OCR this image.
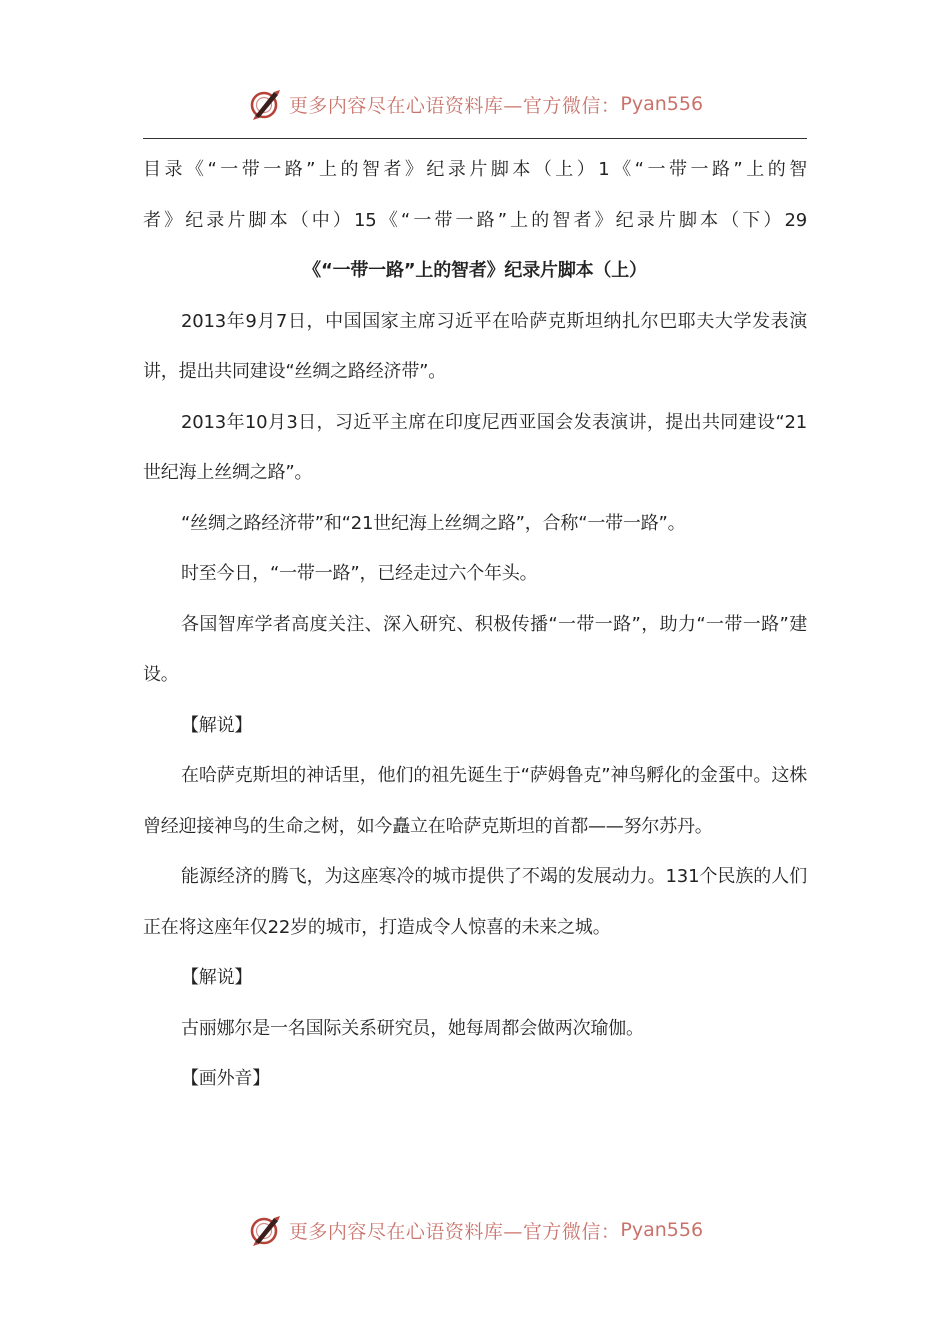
更多内容尽在心语资料库—官方微信： Pyan556

目录《“一带一路”上的智者》纪录片脚本（上）1《“一带一路”上的智

者》纪录片脚本（中）15《“一带一路”上的智者》纪录片脚本（下）29

《“一带一路”上的智者》纪录片脚本（上）

2013年9月7日，中国国家主席习近平在哈萨克斯坦纳扎尔巴耶夫大学发表演讲，提出共同建设“丝绸之路经济带”。

2013年10月3日，习近平主席在印度尼西亚国会发表演讲，提出共同建设“21世纪海上丝绸之路”。

“丝绸之路经济带”和“21世纪海上丝绸之路”，合称“一带一路”。

时至今日，“一带一路”，已经走过六个年头。

各国智库学者高度关注、深入研究、积极传播“一带一路”，助力“一带一路”建设。

【解说】

在哈萨克斯坦的神话里，他们的祖先诞生于“萨姆鲁克”神鸟孵化的金蛋中。这株曾经迎接神鸟的生命之树，如今矗立在哈萨克斯坦的首都——努尔苏丹。

能源经济的腾飞，为这座寒冷的城市提供了不竭的发展动力。131个民族的人们正在将这座年仅22岁的城市，打造成令人惊喜的未来之城。

【解说】

古丽娜尔是一名国际关系研究员，她每周都会做两次瑜伽。

【画外音】

更多内容尽在心语资料库—官方微信： Pyan556
